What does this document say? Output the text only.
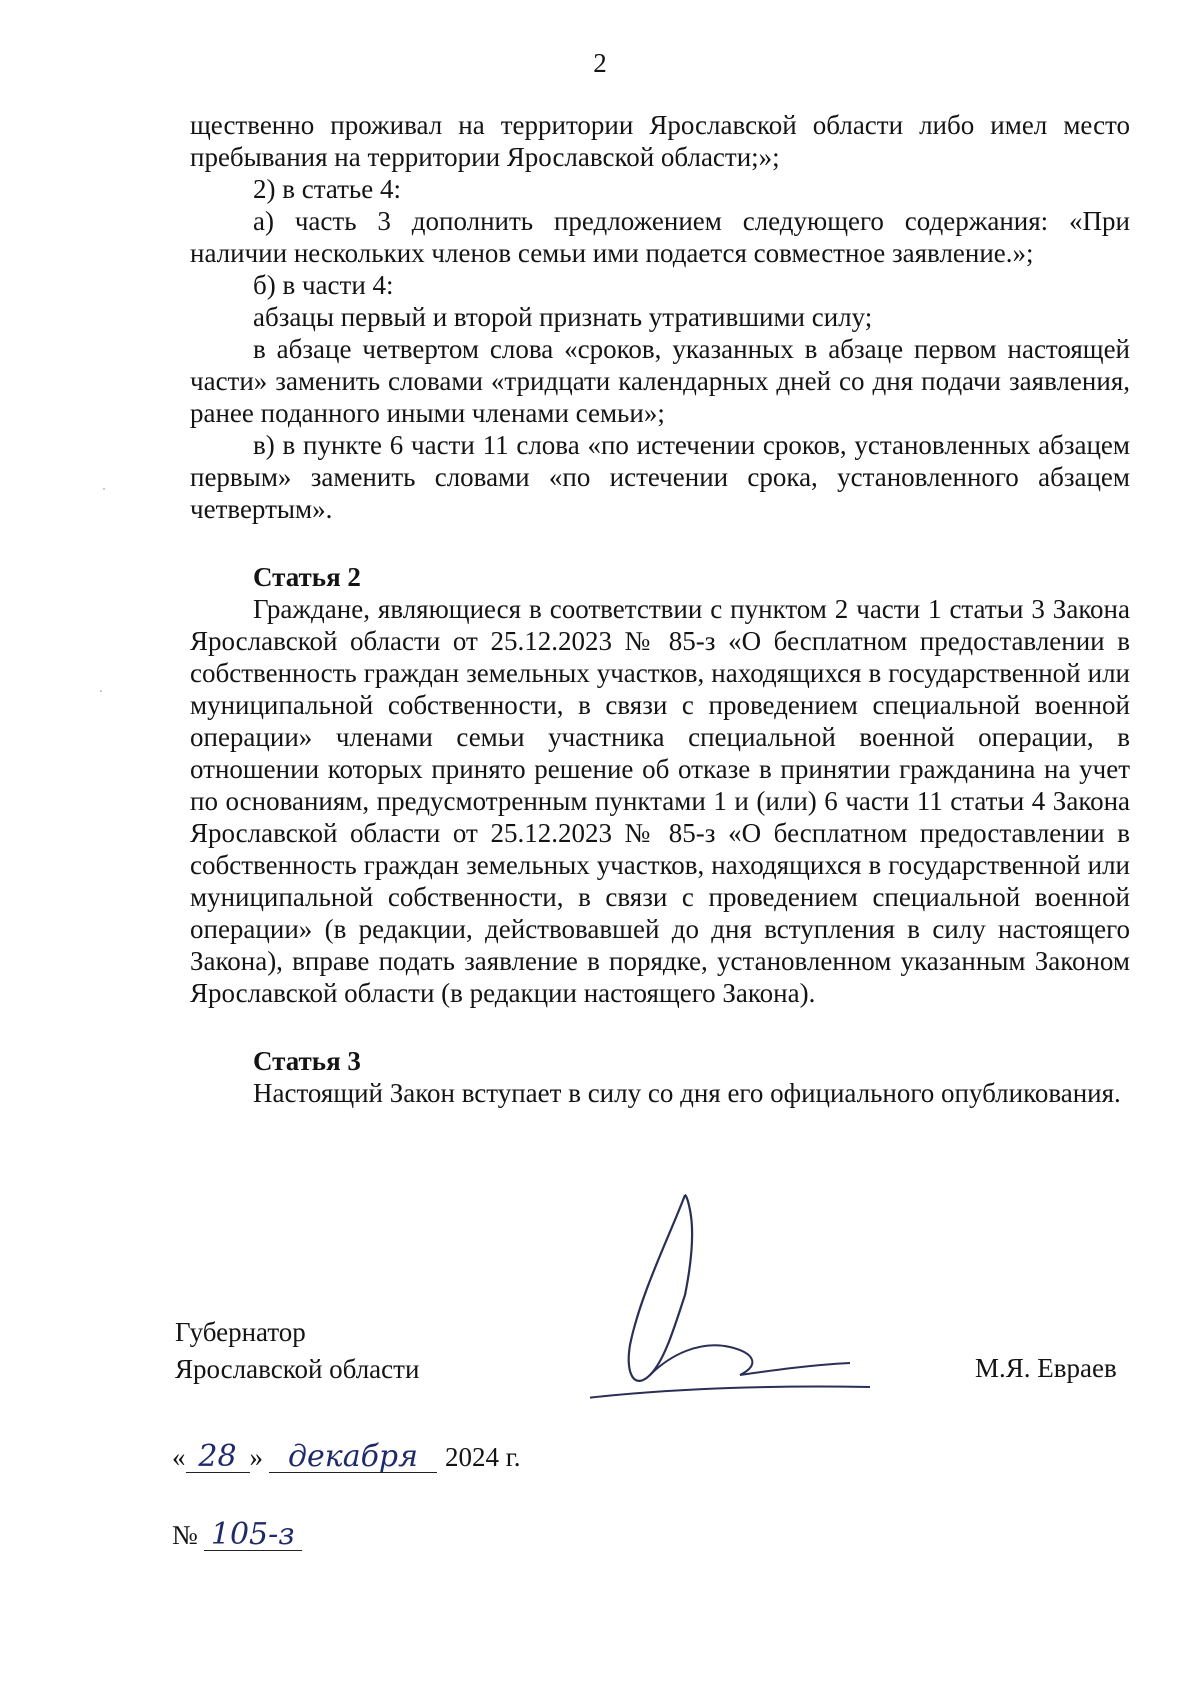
2

щественно проживал на территории Ярославской области либо имел место пребывания на территории Ярославской области;»;

2) в статье 4:

а) часть 3 дополнить предложением следующего содержания: «При наличии нескольких членов семьи ими подается совместное заявление.»;

б) в части 4:

абзацы первый и второй признать утратившими силу;

в абзаце четвертом слова «сроков, указанных в абзаце первом настоящей части» заменить словами «тридцати календарных дней со дня подачи заявления, ранее поданного иными членами семьи»;

в) в пункте 6 части 11 слова «по истечении сроков, установленных абзацем первым» заменить словами «по истечении срока, установленного абзацем четвертым».

Статья 2

Граждане, являющиеся в соответствии с пунктом 2 части 1 статьи 3 Закона Ярославской области от 25.12.2023 № 85-з «О бесплатном предоставлении в собственность граждан земельных участков, находящихся в государственной или муниципальной собственности, в связи с проведением специальной военной операции» членами семьи участника специальной военной операции, в отношении которых принято решение об отказе в принятии гражданина на учет по основаниям, предусмотренным пунктами 1 и (или) 6 части 11 статьи 4 Закона Ярославской области от 25.12.2023 № 85-з «О бесплатном предоставлении в собственность граждан земельных участков, находящихся в государственной или муниципальной собственности, в связи с проведением специальной военной операции» (в редакции, действовавшей до дня вступления в силу настоящего Закона), вправе подать заявление в порядке, установленном указанным Законом Ярославской области (в редакции настоящего Закона).

Статья 3

Настоящий Закон вступает в силу со дня его официального опубликования.

Губернатор
Ярославской области	М.Я. Евраев
« 28 » декабря	2024 г.
№ 105-з
